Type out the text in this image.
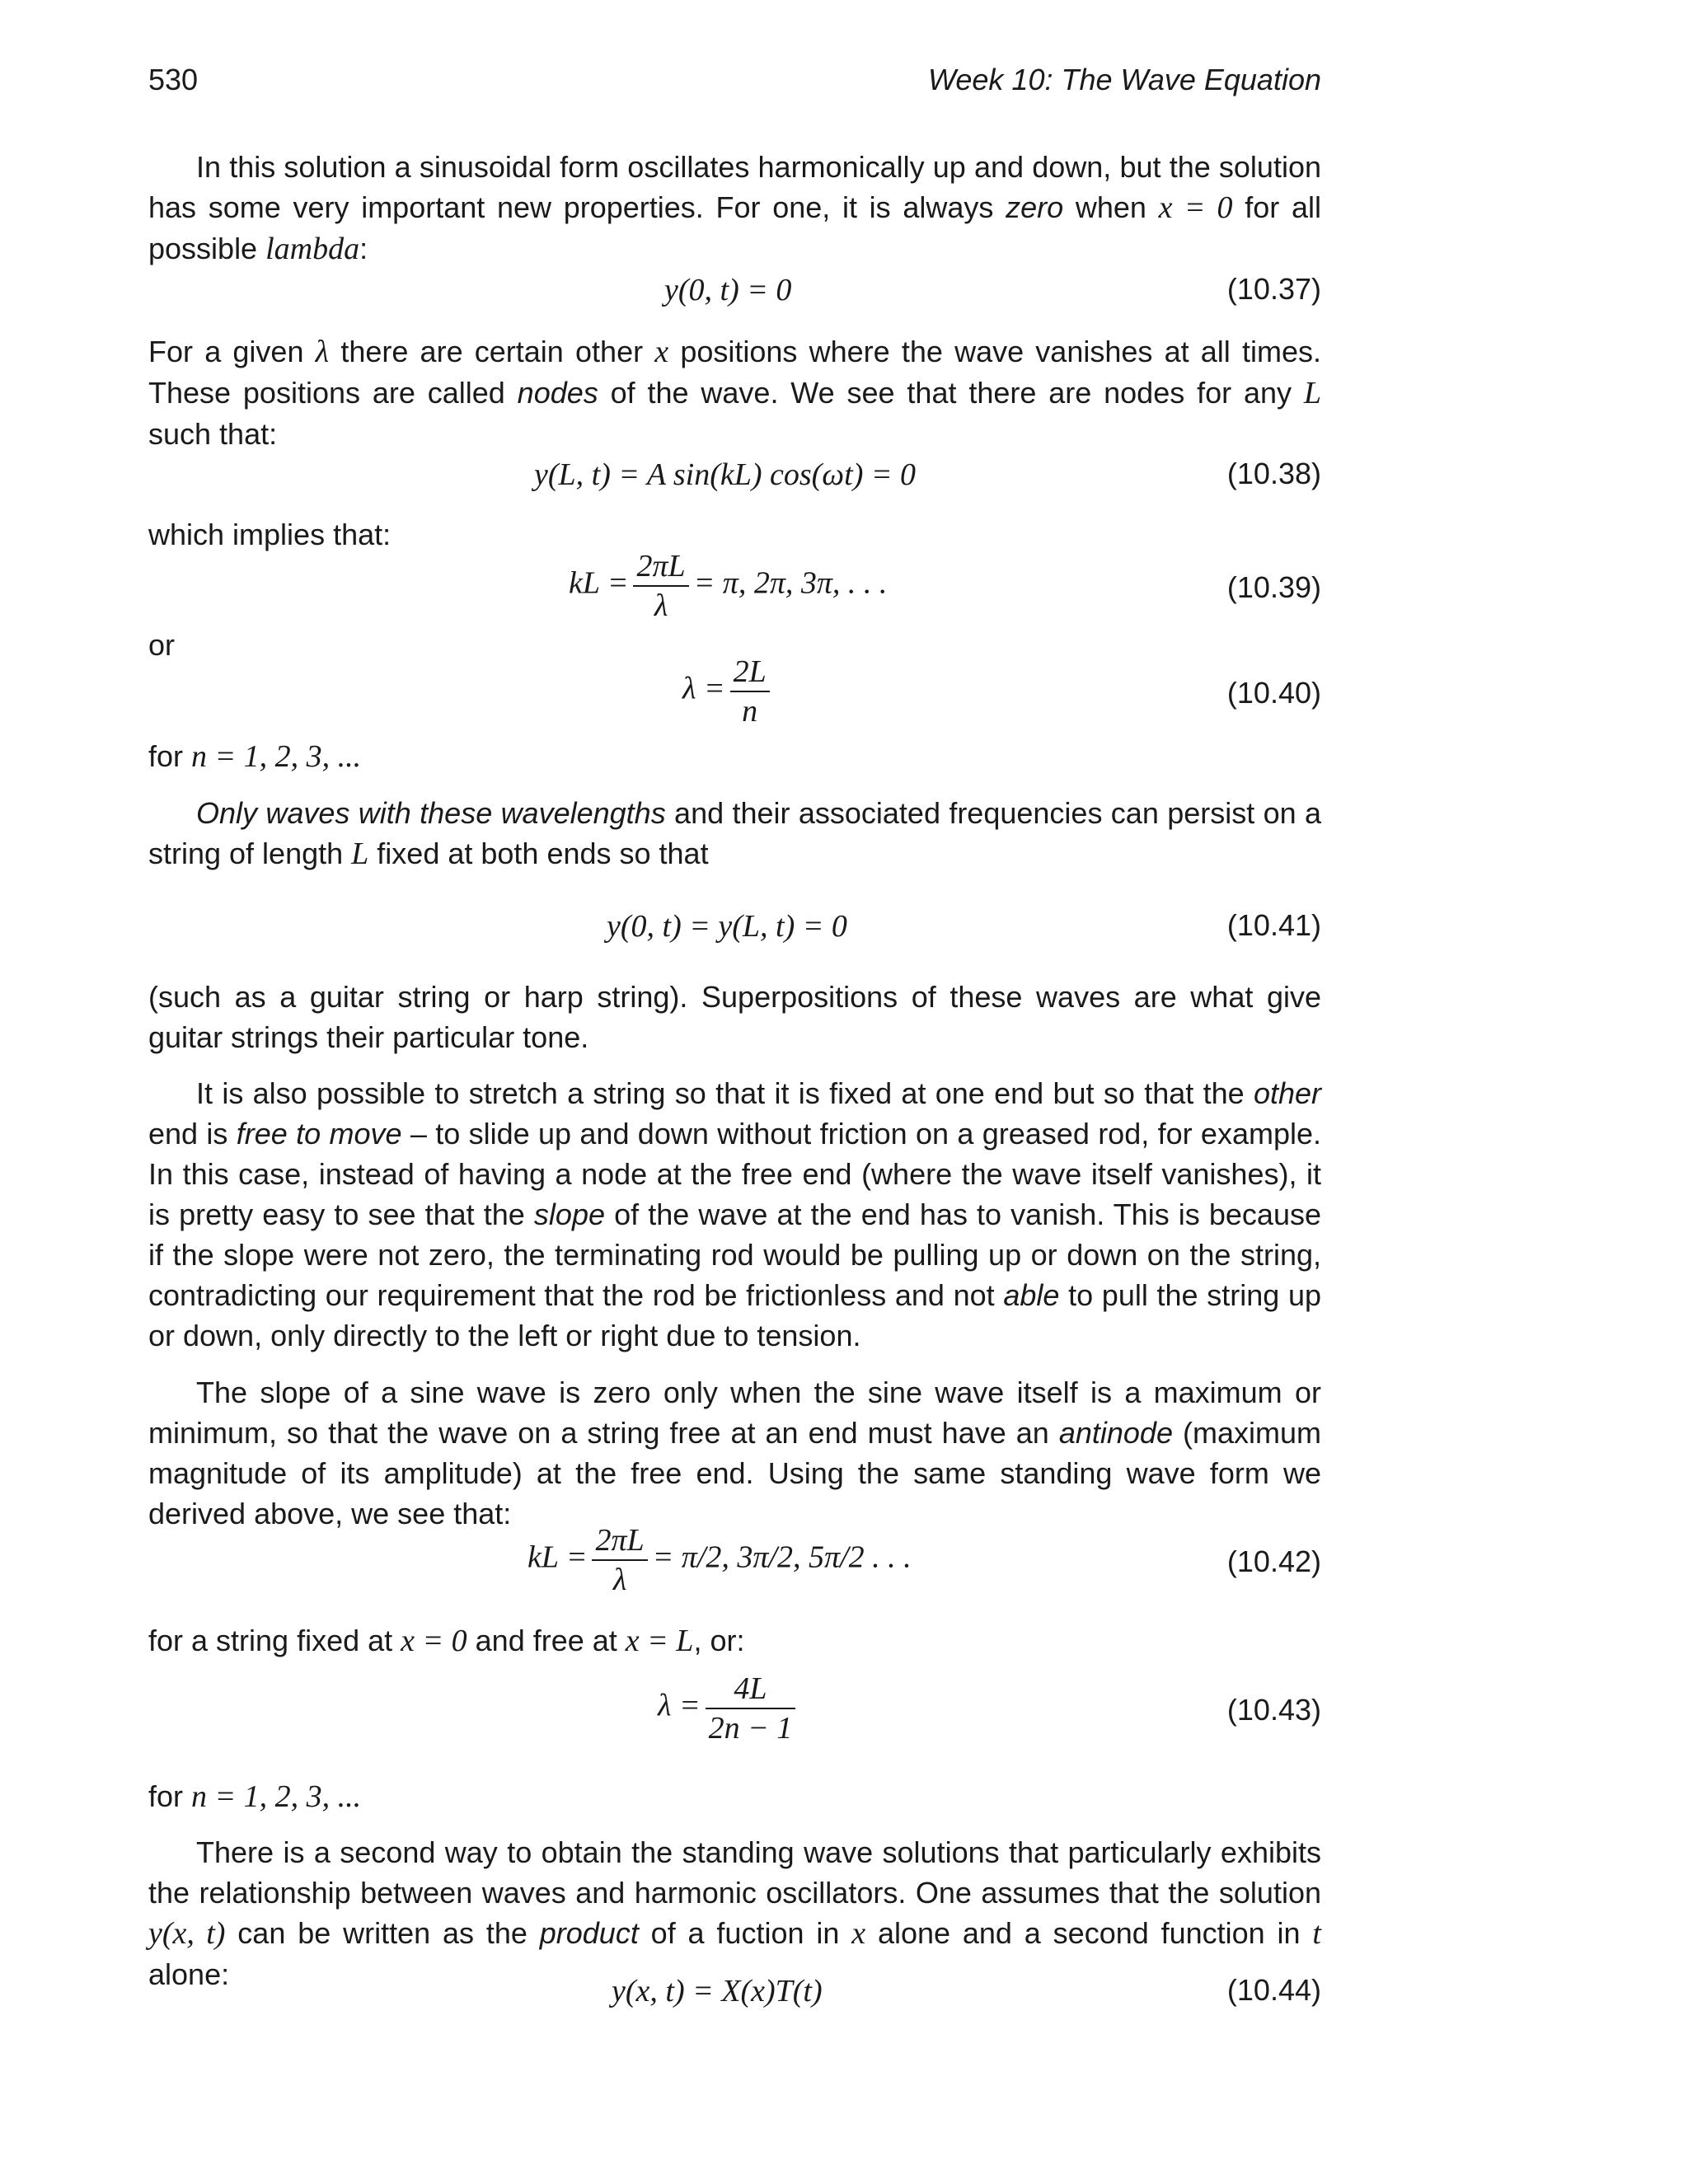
530	Week 10: The Wave Equation

In this solution a sinusoidal form oscillates harmonically up and down, but the solution has some very important new properties. For one, it is always zero when x = 0 for all possible lambda:

y(0, t) = 0	(10.37)

For a given λ there are certain other x positions where the wave vanishes at all times. These positions are called nodes of the wave. We see that there are nodes for any L such that:

y(L, t) = A sin(kL) cos(ωt) = 0	(10.38)

which implies that:

kL = $\frac{2\pi L}{\lambda} = \pi$, 2π, 3π, . . .	(10.39)

or

$\lambda = \frac{2L}{n}$	(10.40)

for n = 1, 2, 3, ...

Only waves with these wavelengths and their associated frequencies can persist on a string of length L fixed at both ends so that

y(0, t) = y(L, t) = 0	(10.41)

(such as a guitar string or harp string). Superpositions of these waves are what give guitar strings their particular tone.

It is also possible to stretch a string so that it is fixed at one end but so that the other end is free to move – to slide up and down without friction on a greased rod, for example. In this case, instead of having a node at the free end (where the wave itself vanishes), it is pretty easy to see that the slope of the wave at the end has to vanish. This is because if the slope were not zero, the terminating rod would be pulling up or down on the string, contradicting our requirement that the rod be frictionless and not able to pull the string up or down, only directly to the left or right due to tension.

The slope of a sine wave is zero only when the sine wave itself is a maximum or minimum, so that the wave on a string free at an end must have an antinode (maximum magnitude of its amplitude) at the free end. Using the same standing wave form we derived above, we see that:

kL = $\frac{2\pi L}{\lambda} = \pi/2$, 3π/2, 5π/2 . . .	(10.42)

for a string fixed at x = 0 and free at x = L, or:

$\lambda = \frac{4L}{2n - 1}$	(10.43)

for n = 1, 2, 3, ...

There is a second way to obtain the standing wave solutions that particularly exhibits the relationship between waves and harmonic oscillators. One assumes that the solution y(x, t) can be written as the product of a fuction in x alone and a second function in t alone:	y(x, t) = X(x)T(t)	(10.44)
